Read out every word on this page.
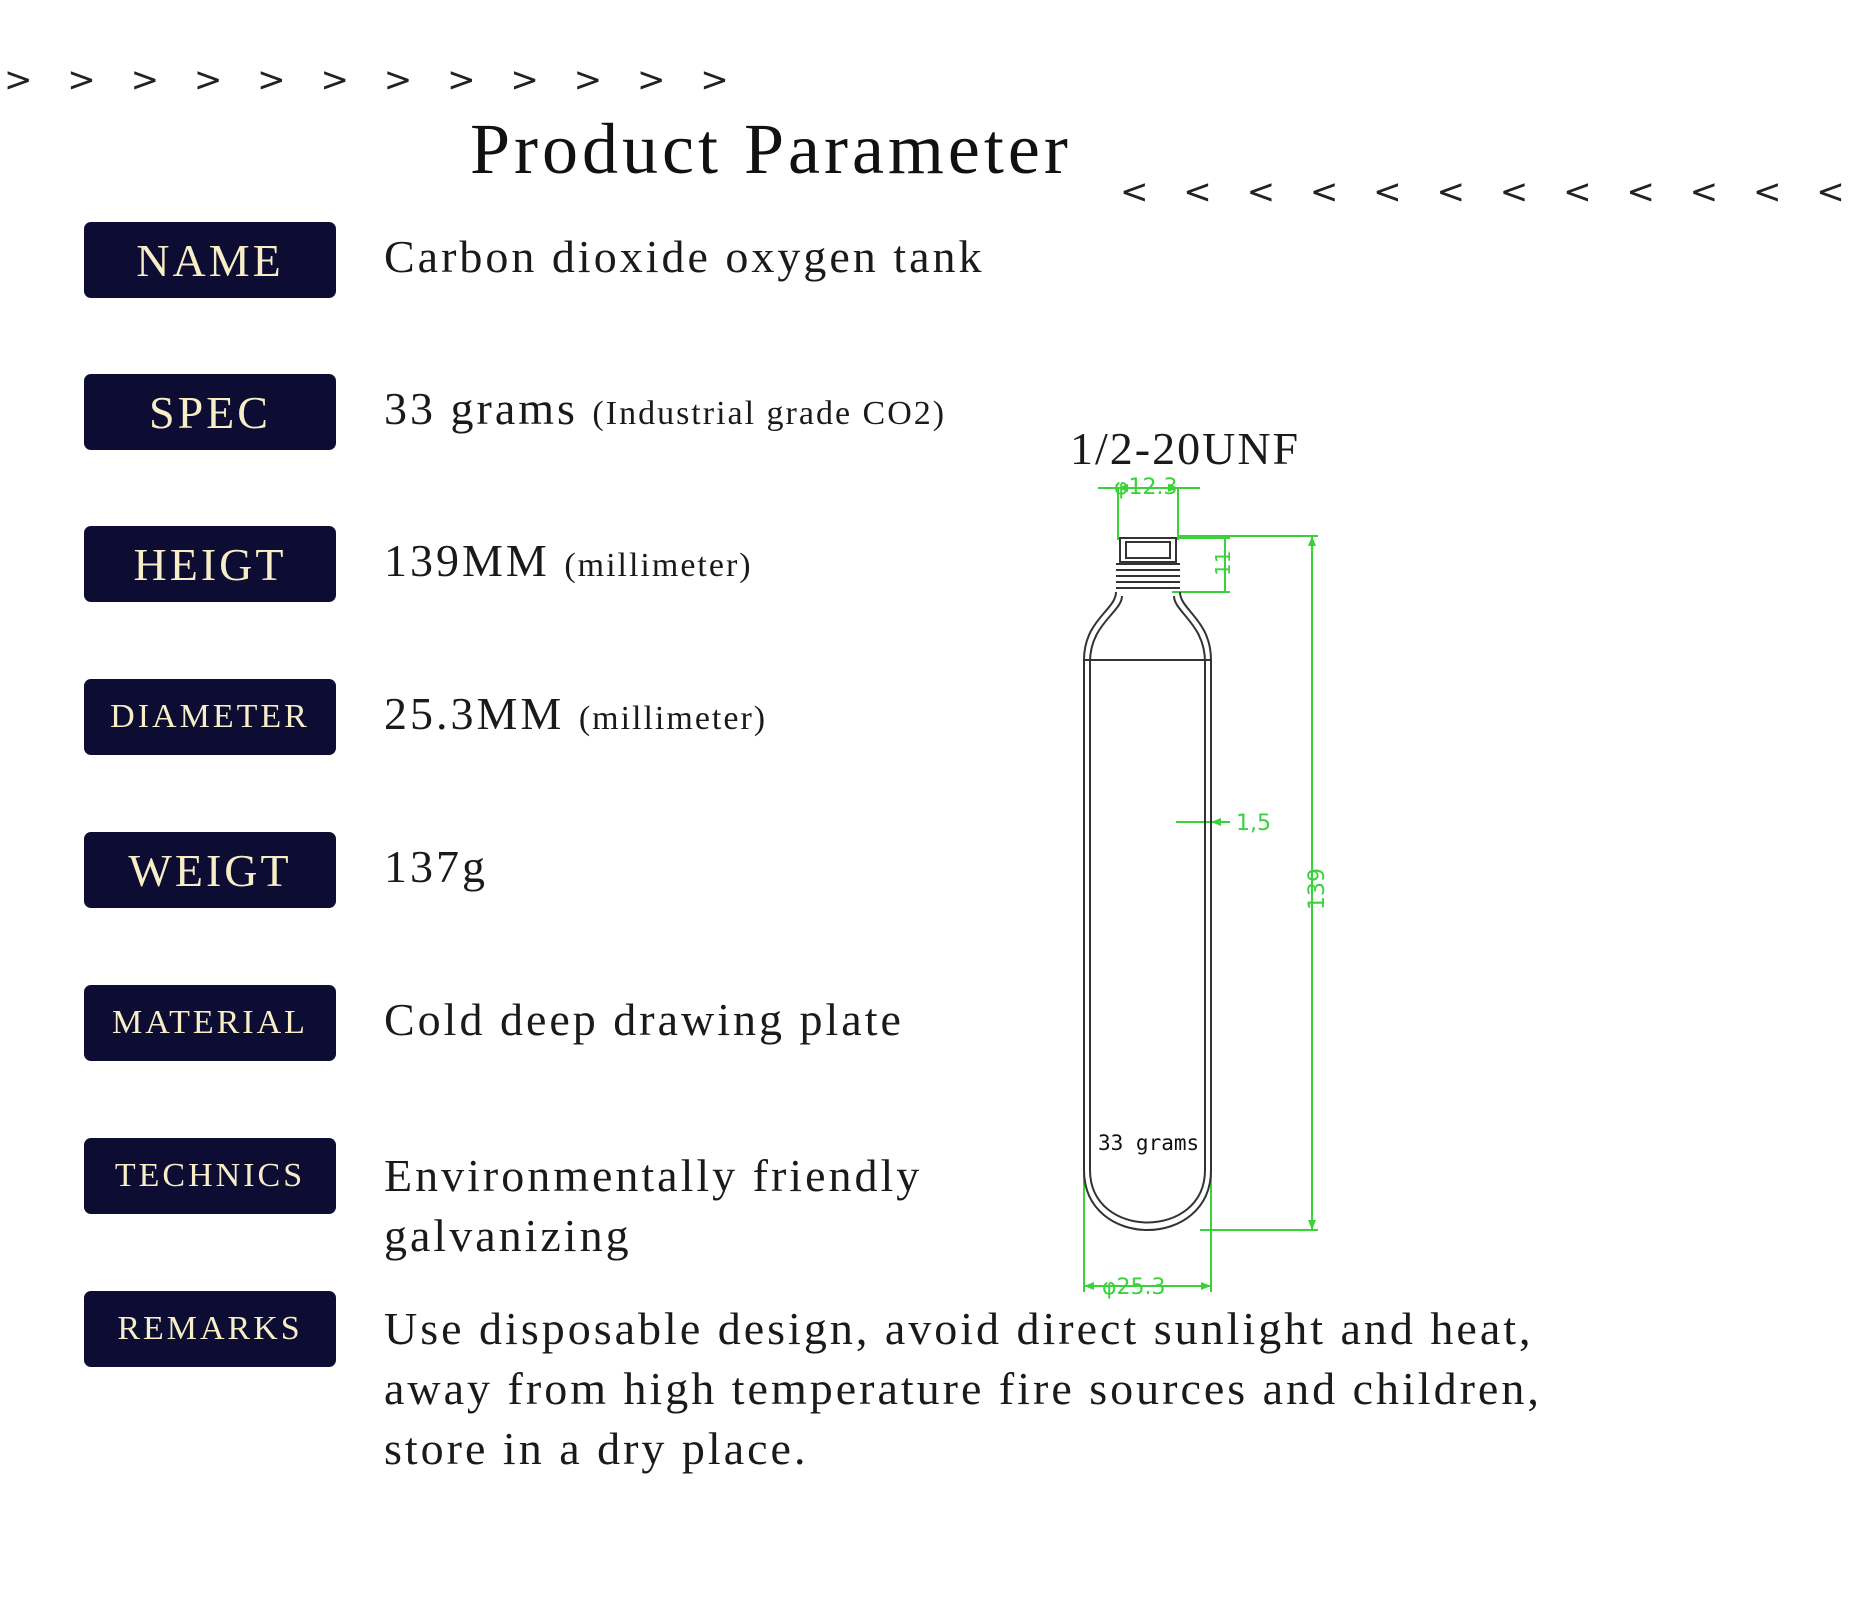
> > > > > > > > > > > >
Product Parameter
< < < < < < < < < < < <
NAME	Carbon dioxide oxygen tank
SPEC	33 grams (Industrial grade CO2)
HEIGT	139MM (millimeter)
DIAMETER	25.3MM (millimeter)
WEIGT	137g
MATERIAL	Cold deep drawing plate
TECHNICS	Environmentally friendly galvanizing
REMARKS	Use disposable design, avoid direct sunlight and heat, away from high temperature fire sources and children, store in a dry place.
1/2-20UNF
33 grams
φ12.3
11
1,5
139
φ25.3
